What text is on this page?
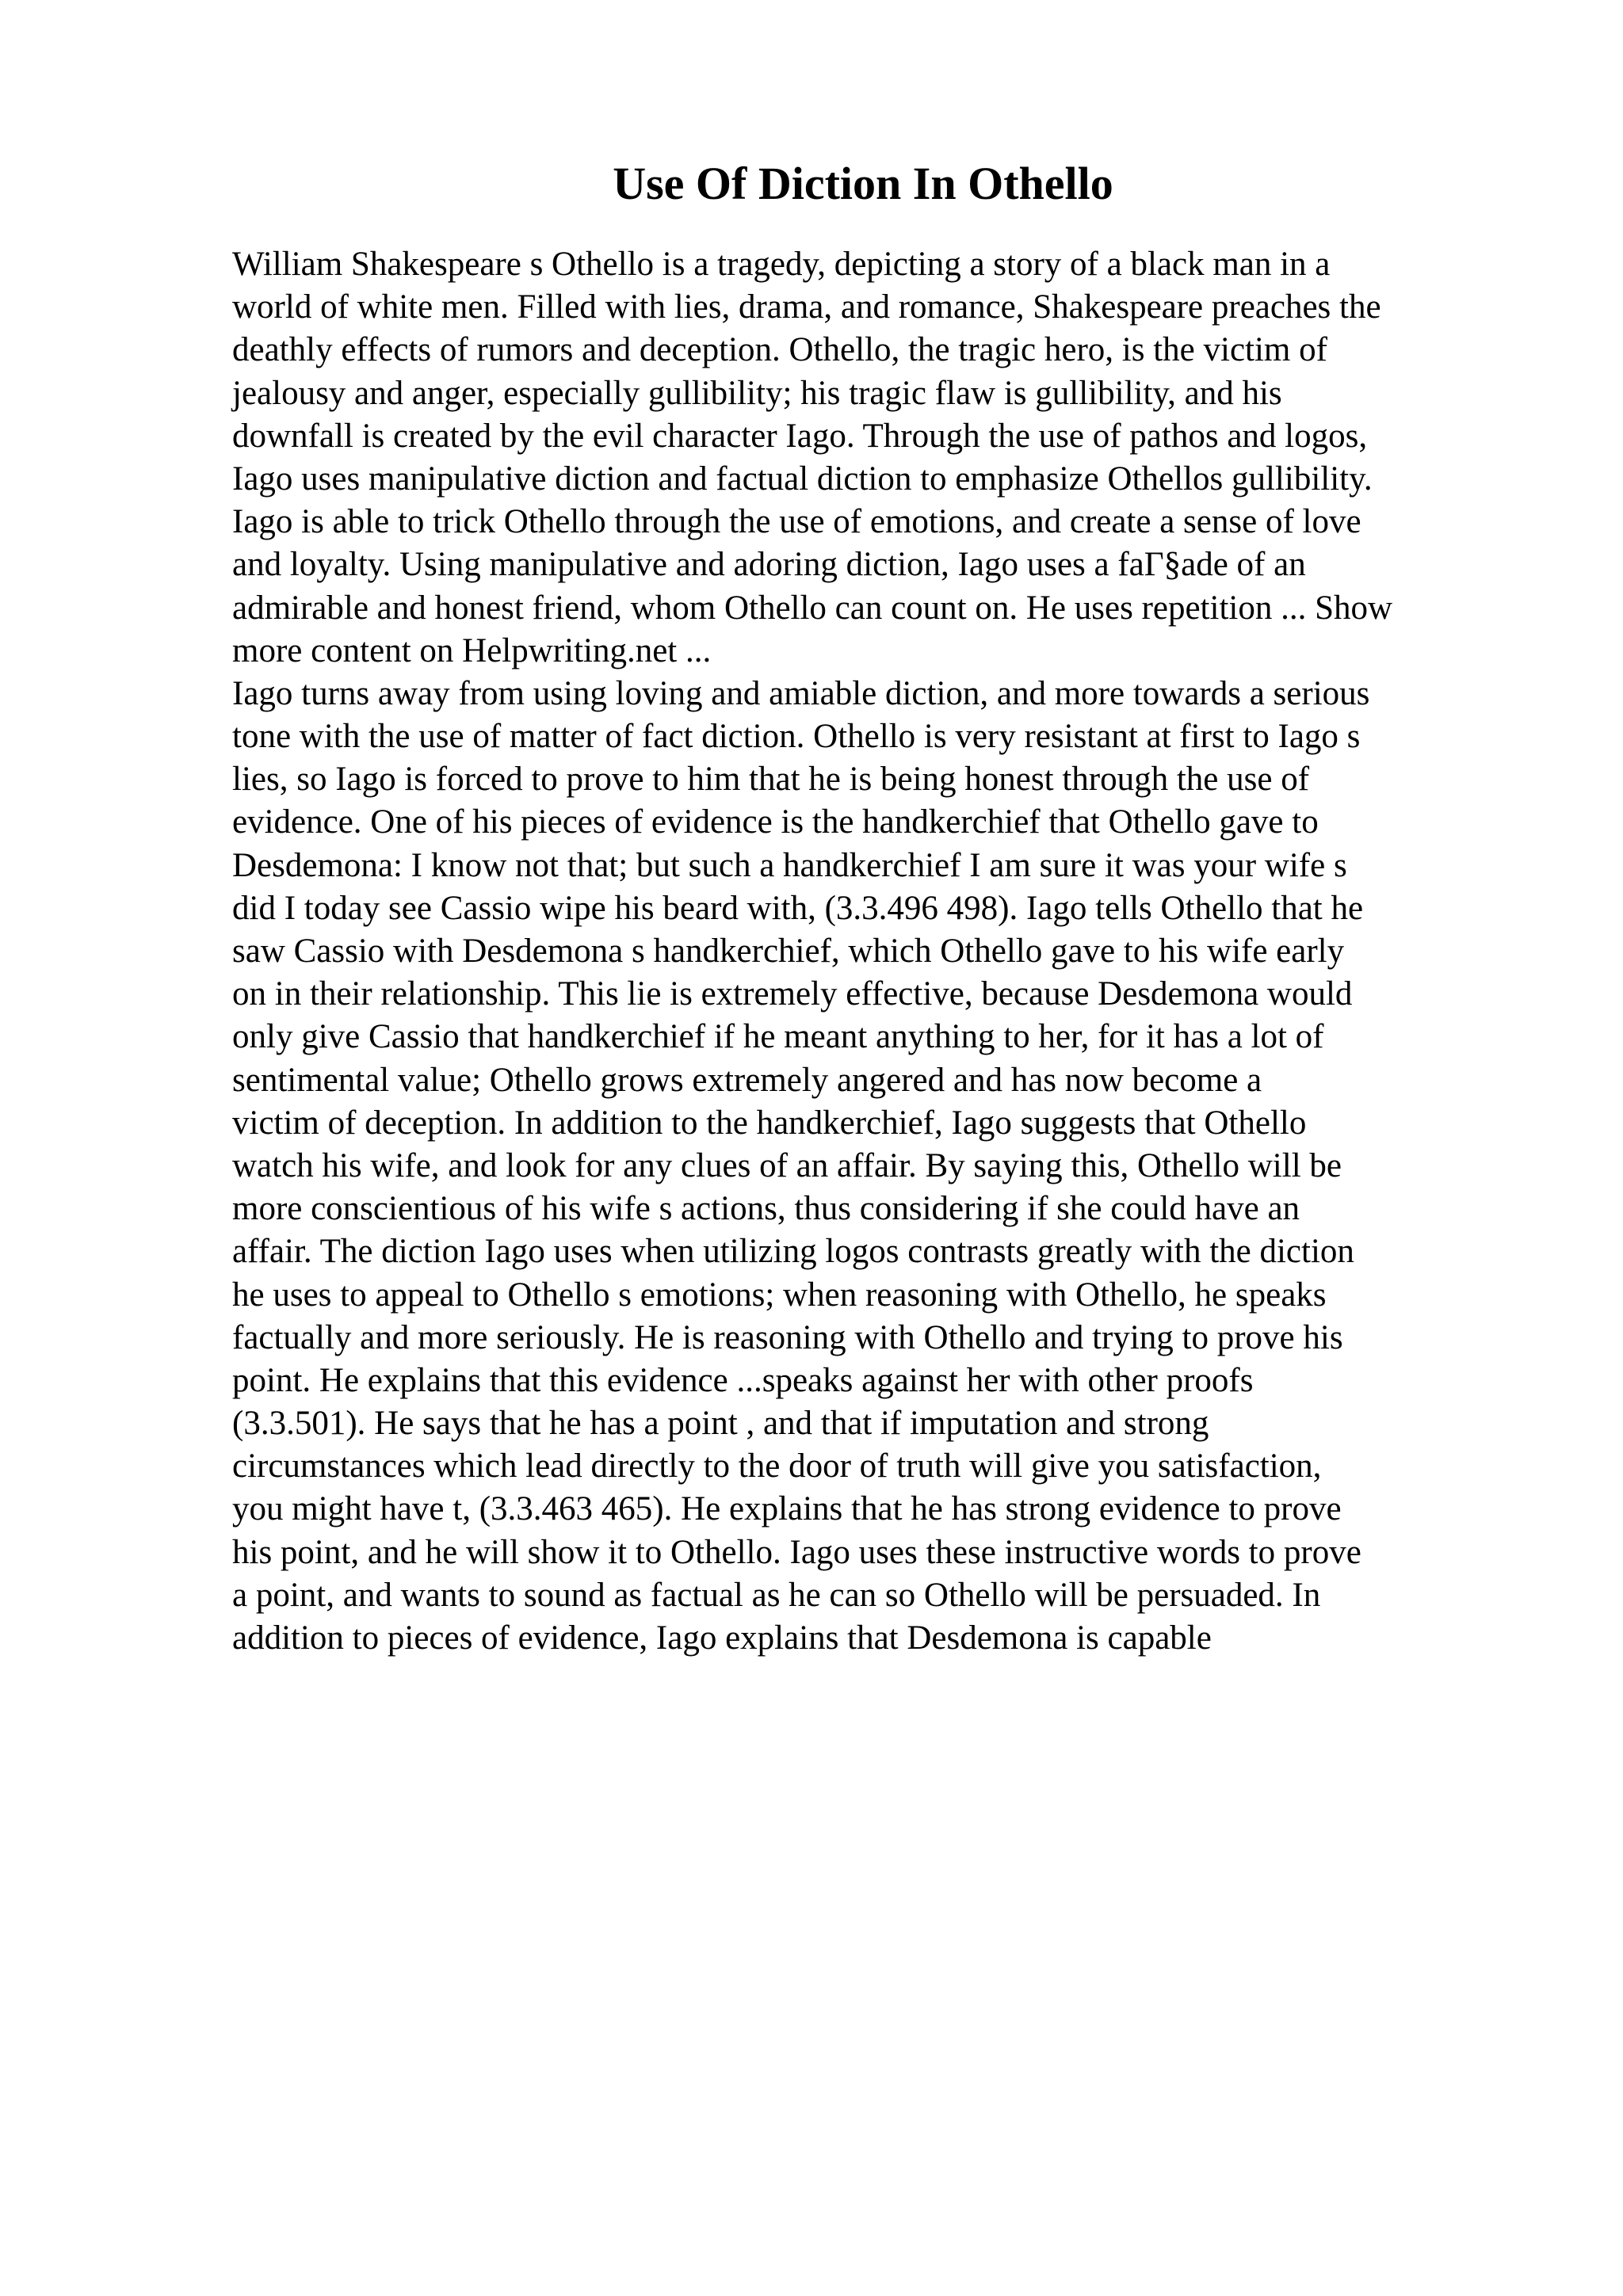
Use Of Diction In Othello
William Shakespeare s Othello is a tragedy, depicting a story of a black man in a
world of white men. Filled with lies, drama, and romance, Shakespeare preaches the
deathly effects of rumors and deception. Othello, the tragic hero, is the victim of
jealousy and anger, especially gullibility; his tragic flaw is gullibility, and his
downfall is created by the evil character Iago. Through the use of pathos and logos,
Iago uses manipulative diction and factual diction to emphasize Othellos gullibility.
Iago is able to trick Othello through the use of emotions, and create a sense of love
and loyalty. Using manipulative and adoring diction, Iago uses a faΓ§ade of an
admirable and honest friend, whom Othello can count on. He uses repetition ... Show
more content on Helpwriting.net ...
Iago turns away from using loving and amiable diction, and more towards a serious
tone with the use of matter of fact diction. Othello is very resistant at first to Iago s
lies, so Iago is forced to prove to him that he is being honest through the use of
evidence. One of his pieces of evidence is the handkerchief that Othello gave to
Desdemona: I know not that; but such a handkerchief I am sure it was your wife s
did I today see Cassio wipe his beard with, (3.3.496 498). Iago tells Othello that he
saw Cassio with Desdemona s handkerchief, which Othello gave to his wife early
on in their relationship. This lie is extremely effective, because Desdemona would
only give Cassio that handkerchief if he meant anything to her, for it has a lot of
sentimental value; Othello grows extremely angered and has now become a
victim of deception. In addition to the handkerchief, Iago suggests that Othello
watch his wife, and look for any clues of an affair. By saying this, Othello will be
more conscientious of his wife s actions, thus considering if she could have an
affair. The diction Iago uses when utilizing logos contrasts greatly with the diction
he uses to appeal to Othello s emotions; when reasoning with Othello, he speaks
factually and more seriously. He is reasoning with Othello and trying to prove his
point. He explains that this evidence ...speaks against her with other proofs
(3.3.501). He says that he has a point , and that if imputation and strong
circumstances which lead directly to the door of truth will give you satisfaction,
you might have t, (3.3.463 465). He explains that he has strong evidence to prove
his point, and he will show it to Othello. Iago uses these instructive words to prove
a point, and wants to sound as factual as he can so Othello will be persuaded. In
addition to pieces of evidence, Iago explains that Desdemona is capable
